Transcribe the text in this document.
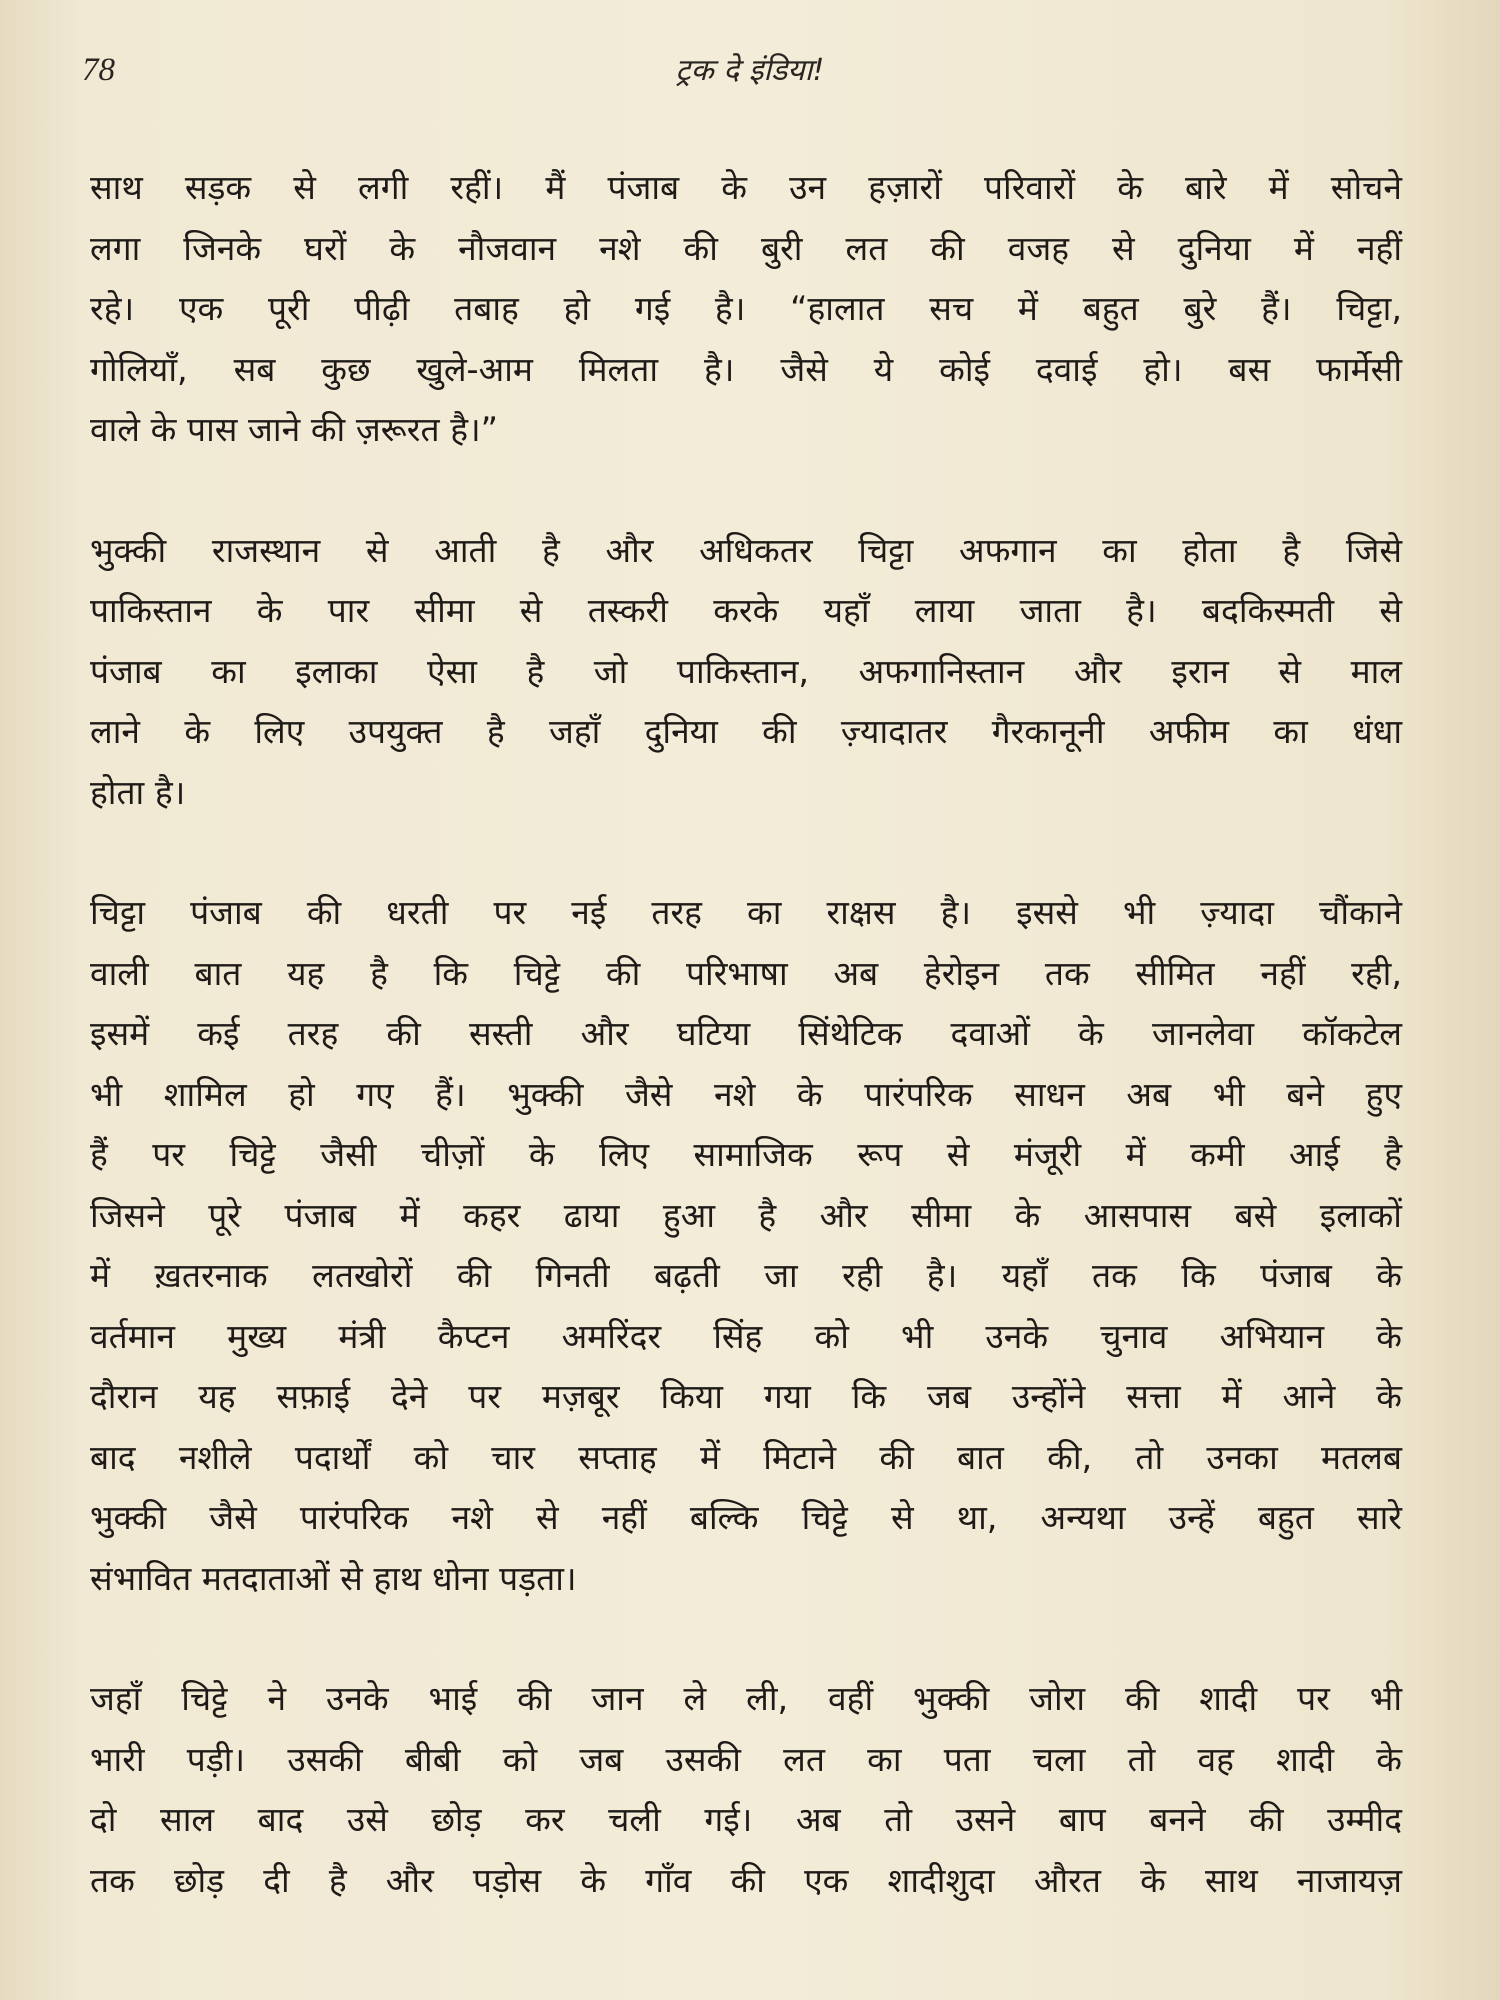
78	ट्रक दे इंडिया!

साथ सड़क से लगी रहीं। मैं पंजाब के उन हज़ारों परिवारों के बारे में सोचने
लगा जिनके घरों के नौजवान नशे की बुरी लत की वजह से दुनिया में नहीं
रहे। एक पूरी पीढ़ी तबाह हो गई है। “हालात सच में बहुत बुरे हैं। चिट्टा,
गोलियाँ, सब कुछ खुले-आम मिलता है। जैसे ये कोई दवाई हो। बस फार्मेसी
वाले के पास जाने की ज़रूरत है।”

भुक्की राजस्थान से आती है और अधिकतर चिट्टा अफगान का होता है जिसे
पाकिस्तान के पार सीमा से तस्करी करके यहाँ लाया जाता है। बदकिस्मती से
पंजाब का इलाका ऐसा है जो पाकिस्तान, अफगानिस्तान और इरान से माल
लाने के लिए उपयुक्त है जहाँ दुनिया की ज़्यादातर गैरकानूनी अफीम का धंधा
होता है।

चिट्टा पंजाब की धरती पर नई तरह का राक्षस है। इससे भी ज़्यादा चौंकाने
वाली बात यह है कि चिट्टे की परिभाषा अब हेरोइन तक सीमित नहीं रही,
इसमें कई तरह की सस्ती और घटिया सिंथेटिक दवाओं के जानलेवा कॉकटेल
भी शामिल हो गए हैं। भुक्की जैसे नशे के पारंपरिक साधन अब भी बने हुए
हैं पर चिट्टे जैसी चीज़ों के लिए सामाजिक रूप से मंजूरी में कमी आई है
जिसने पूरे पंजाब में कहर ढाया हुआ है और सीमा के आसपास बसे इलाकों
में ख़तरनाक लतखोरों की गिनती बढ़ती जा रही है। यहाँ तक कि पंजाब के
वर्तमान मुख्य मंत्री कैप्टन अमरिंदर सिंह को भी उनके चुनाव अभियान के
दौरान यह सफ़ाई देने पर मज़बूर किया गया कि जब उन्होंने सत्ता में आने के
बाद नशीले पदार्थों को चार सप्ताह में मिटाने की बात की, तो उनका मतलब
भुक्की जैसे पारंपरिक नशे से नहीं बल्कि चिट्टे से था, अन्यथा उन्हें बहुत सारे
संभावित मतदाताओं से हाथ धोना पड़ता।

जहाँ चिट्टे ने उनके भाई की जान ले ली, वहीं भुक्की जोरा की शादी पर भी
भारी पड़ी। उसकी बीबी को जब उसकी लत का पता चला तो वह शादी के
दो साल बाद उसे छोड़ कर चली गई। अब तो उसने बाप बनने की उम्मीद
तक छोड़ दी है और पड़ोस के गाँव की एक शादीशुदा औरत के साथ नाजायज़
